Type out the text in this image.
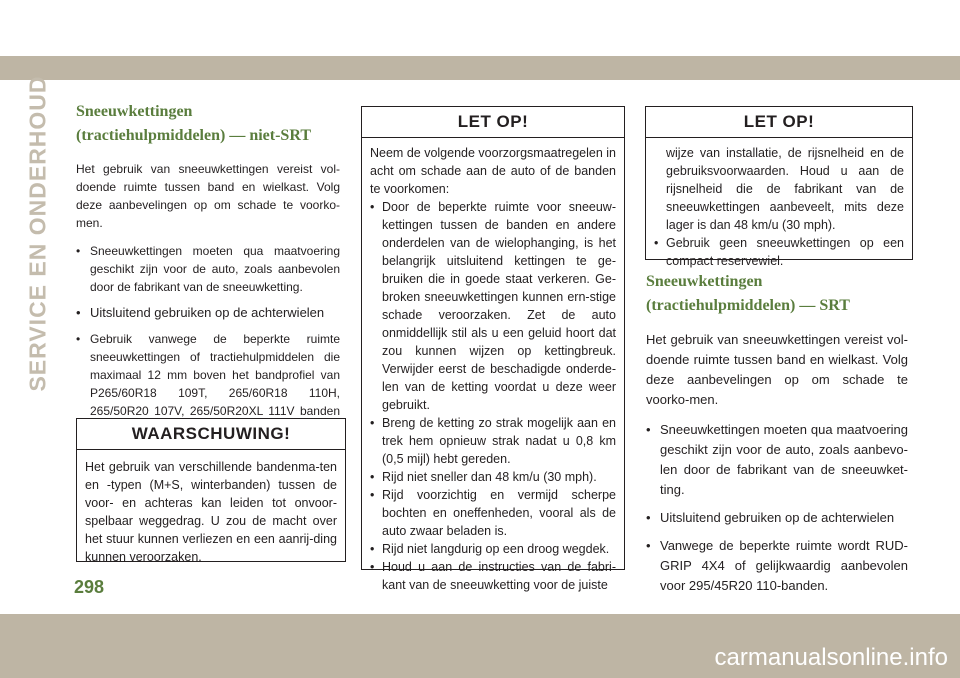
SERVICE EN ONDERHOUD Sneeuwkettingen (tractiehulpmiddelen) — niet-SRT

Het gebruik van sneeuwkettingen vereist vol-doende ruimte tussen band en wielkast. Volg deze aanbevelingen op om schade te voorko-men.

• Sneeuwkettingen moeten qua maatvoering geschikt zijn voor de auto, zoals aanbevolen door de fabrikant van de sneeuwketting.
• Uitsluitend gebruiken op de achterwielen
• Gebruik vanwege de beperkte ruimte sneeuwkettingen of tractiehulpmiddelen die maximaal 12 mm boven het bandprofiel van P265/60R18 109T, 265/60R18 110H, 265/50R20 107V, 265/50R20XL 111V banden
WAARSCHUWING!

Het gebruik van verschillende bandenma-ten en -typen (M+S, winterbanden) tussen de voor- en achteras kan leiden tot onvoor-spelbaar weggedrag. U zou de macht over het stuur kunnen verliezen en een aanrij-ding kunnen veroorzaken.

LET OP!

Neem de volgende voorzorgsmaatregelen in acht om schade aan de auto of de banden te voorkomen:

• Door de beperkte ruimte voor sneeuw-kettingen tussen de banden en andere onderdelen van de wielophanging, is het belangrijk uitsluitend kettingen te ge-bruiken die in goede staat verkeren. Ge-broken sneeuwkettingen kunnen ern-stige schade veroorzaken. Zet de auto onmiddellijk stil als u een geluid hoort dat zou kunnen wijzen op kettingbreuk. Verwijder eerst de beschadigde onderde-len van de ketting voordat u deze weer gebruikt.
• Breng de ketting zo strak mogelijk aan en trek hem opnieuw strak nadat u 0,8 km (0,5 mijl) hebt gereden.
• Rijd niet sneller dan 48 km/u (30 mph).
• Rijd voorzichtig en vermijd scherpe bochten en oneffenheden, vooral als de auto zwaar beladen is.
• Rijd niet langdurig op een droog wegdek.
• Houd u aan de instructies van de fabri-kant van de sneeuwketting voor de juiste
LET OP!

wijze van installatie, de rijsnelheid en de gebruiksvoorwaarden. Houd u aan de rijsnelheid die de fabrikant van de sneeuwkettingen aanbeveelt, mits deze lager is dan 48 km/u (30 mph).

• Gebruik geen sneeuwkettingen op een compact reservewiel.
Sneeuwkettingen (tractiehulpmiddelen) — SRT

Het gebruik van sneeuwkettingen vereist vol-doende ruimte tussen band en wielkast. Volg deze aanbevelingen op om schade te voorko-men.

• Sneeuwkettingen moeten qua maatvoering geschikt zijn voor de auto, zoals aanbevo-len door de fabrikant van de sneeuwket-ting.
• Uitsluitend gebruiken op de achterwielen
• Vanwege de beperkte ruimte wordt RUD-GRIP 4X4 of gelijkwaardig aanbevolen voor 295/45R20 110-banden.
298
carmanualsonline.info
